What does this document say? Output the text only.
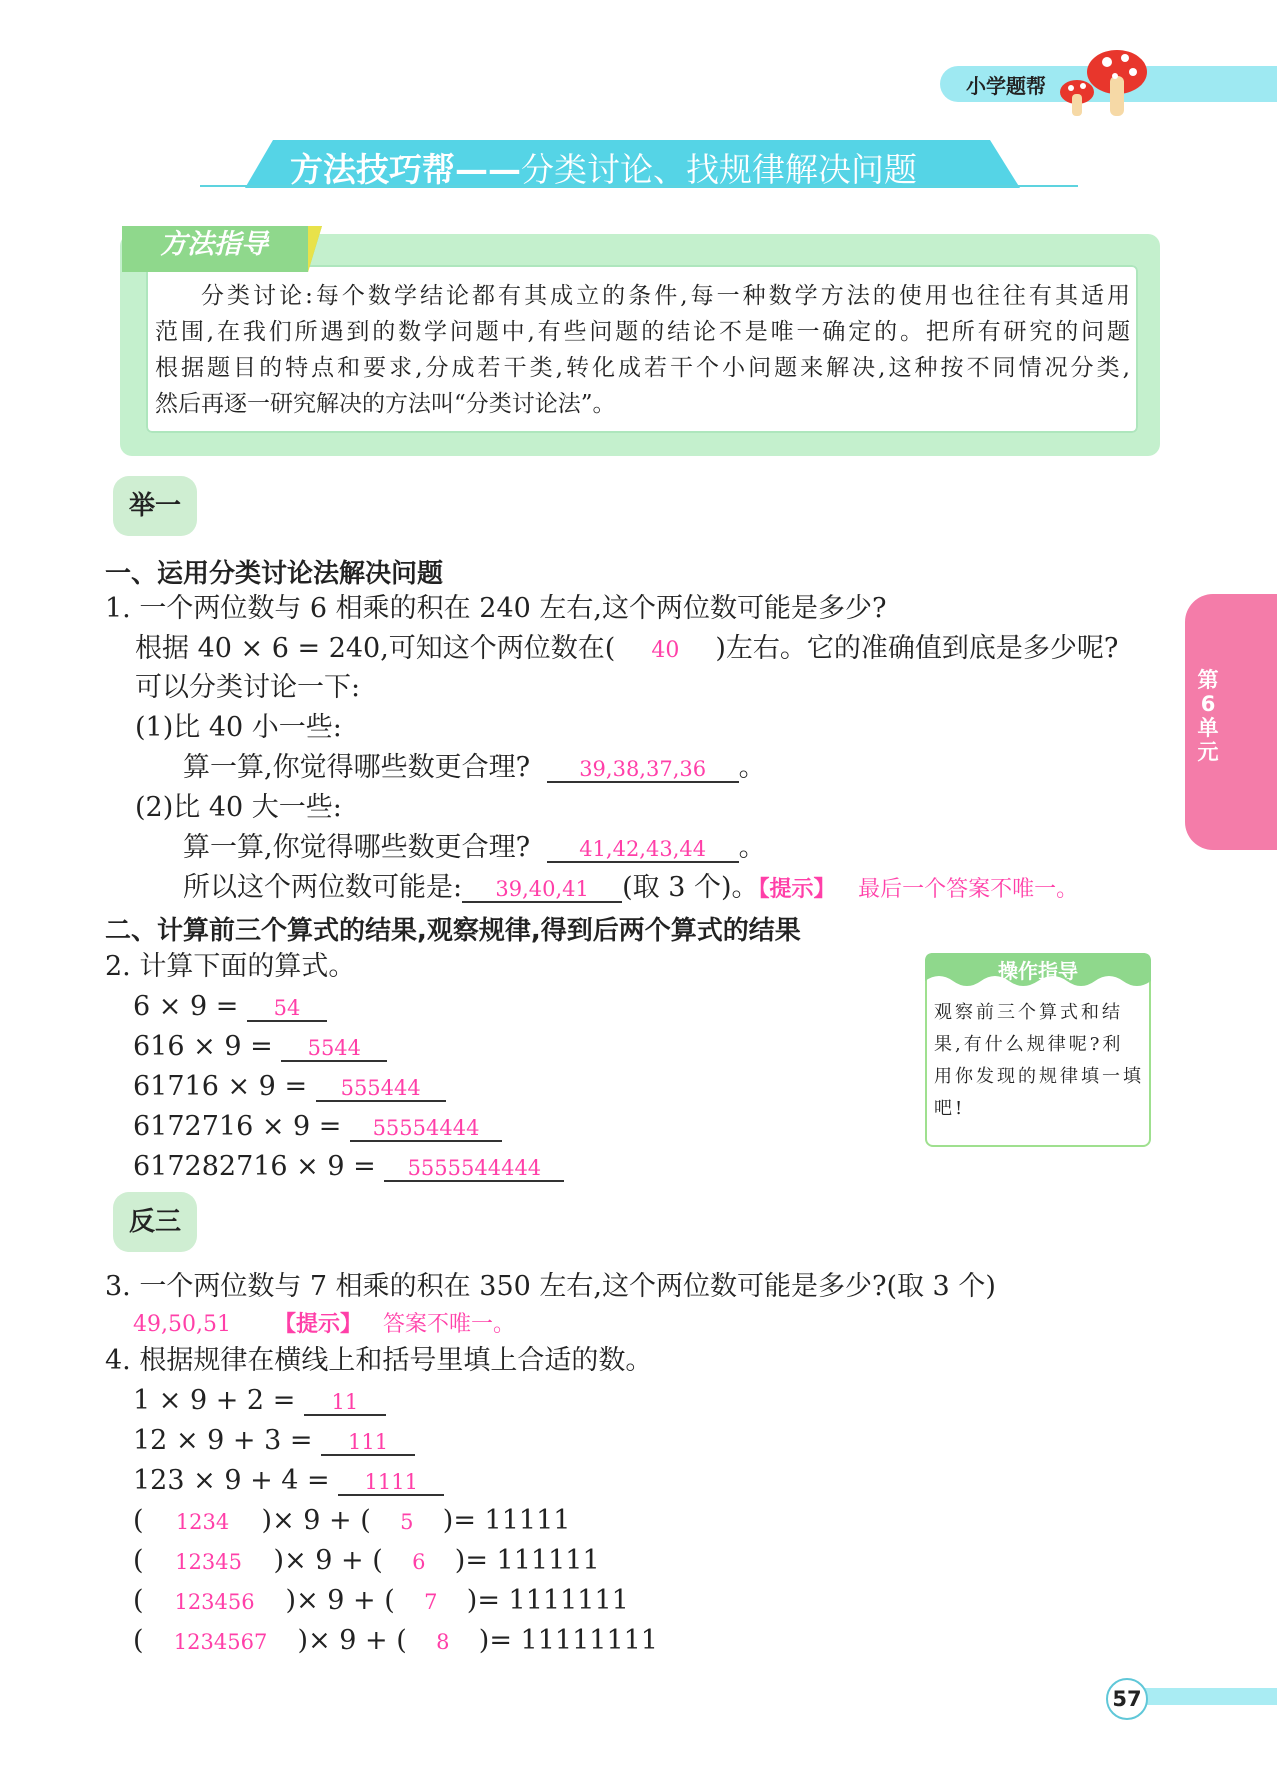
小学题帮
方法技巧帮——分类讨论、找规律解决问题
方法指导

分类讨论:每个数学结论都有其成立的条件,每一种数学方法的使用也往往有其适用

范围,在我们所遇到的数学问题中,有些问题的结论不是唯一确定的。把所有研究的问题

根据题目的特点和要求,分成若干类,转化成若干个小问题来解决,这种按不同情况分类,

然后再逐一研究解决的方法叫“分类讨论法”。

第6单元
举一
一、运用分类讨论法解决问题
1. 一个两位数与 6 相乘的积在 240 左右,这个两位数可能是多少?
根据 40 × 6 = 240,可知这个两位数在( 40 )左右。它的准确值到底是多少呢?
可以分类讨论一下:
(1)比 40 小一些:
算一算,你觉得哪些数更合理? 39,38,37,36 。
(2)比 40 大一些:
算一算,你觉得哪些数更合理? 41,42,43,44 。
所以这个两位数可能是: 39,40,41 (取 3 个)。【提示】 最后一个答案不唯一。
二、计算前三个算式的结果,观察规律,得到后两个算式的结果
2. 计算下面的算式。
6 × 9 = 54
616 × 9 = 5544
61716 × 9 = 555444
6172716 × 9 = 55554444
617282716 × 9 = 5555544444
操作指导
观察前三个算式和结果,有什么规律呢?利用你发现的规律填一填吧!
反三
3. 一个两位数与 7 相乘的积在 350 左右,这个两位数可能是多少?(取 3 个)
49,50,51 【提示】 答案不唯一。
4. 根据规律在横线上和括号里填上合适的数。
1 × 9 + 2 = 11
12 × 9 + 3 = 111
123 × 9 + 4 = 1111
( 1234 )× 9 + ( 5 )= 11111
( 12345 )× 9 + ( 6 )= 111111
( 123456 )× 9 + ( 7 )= 1111111
( 1234567 )× 9 + ( 8 )= 11111111
57
